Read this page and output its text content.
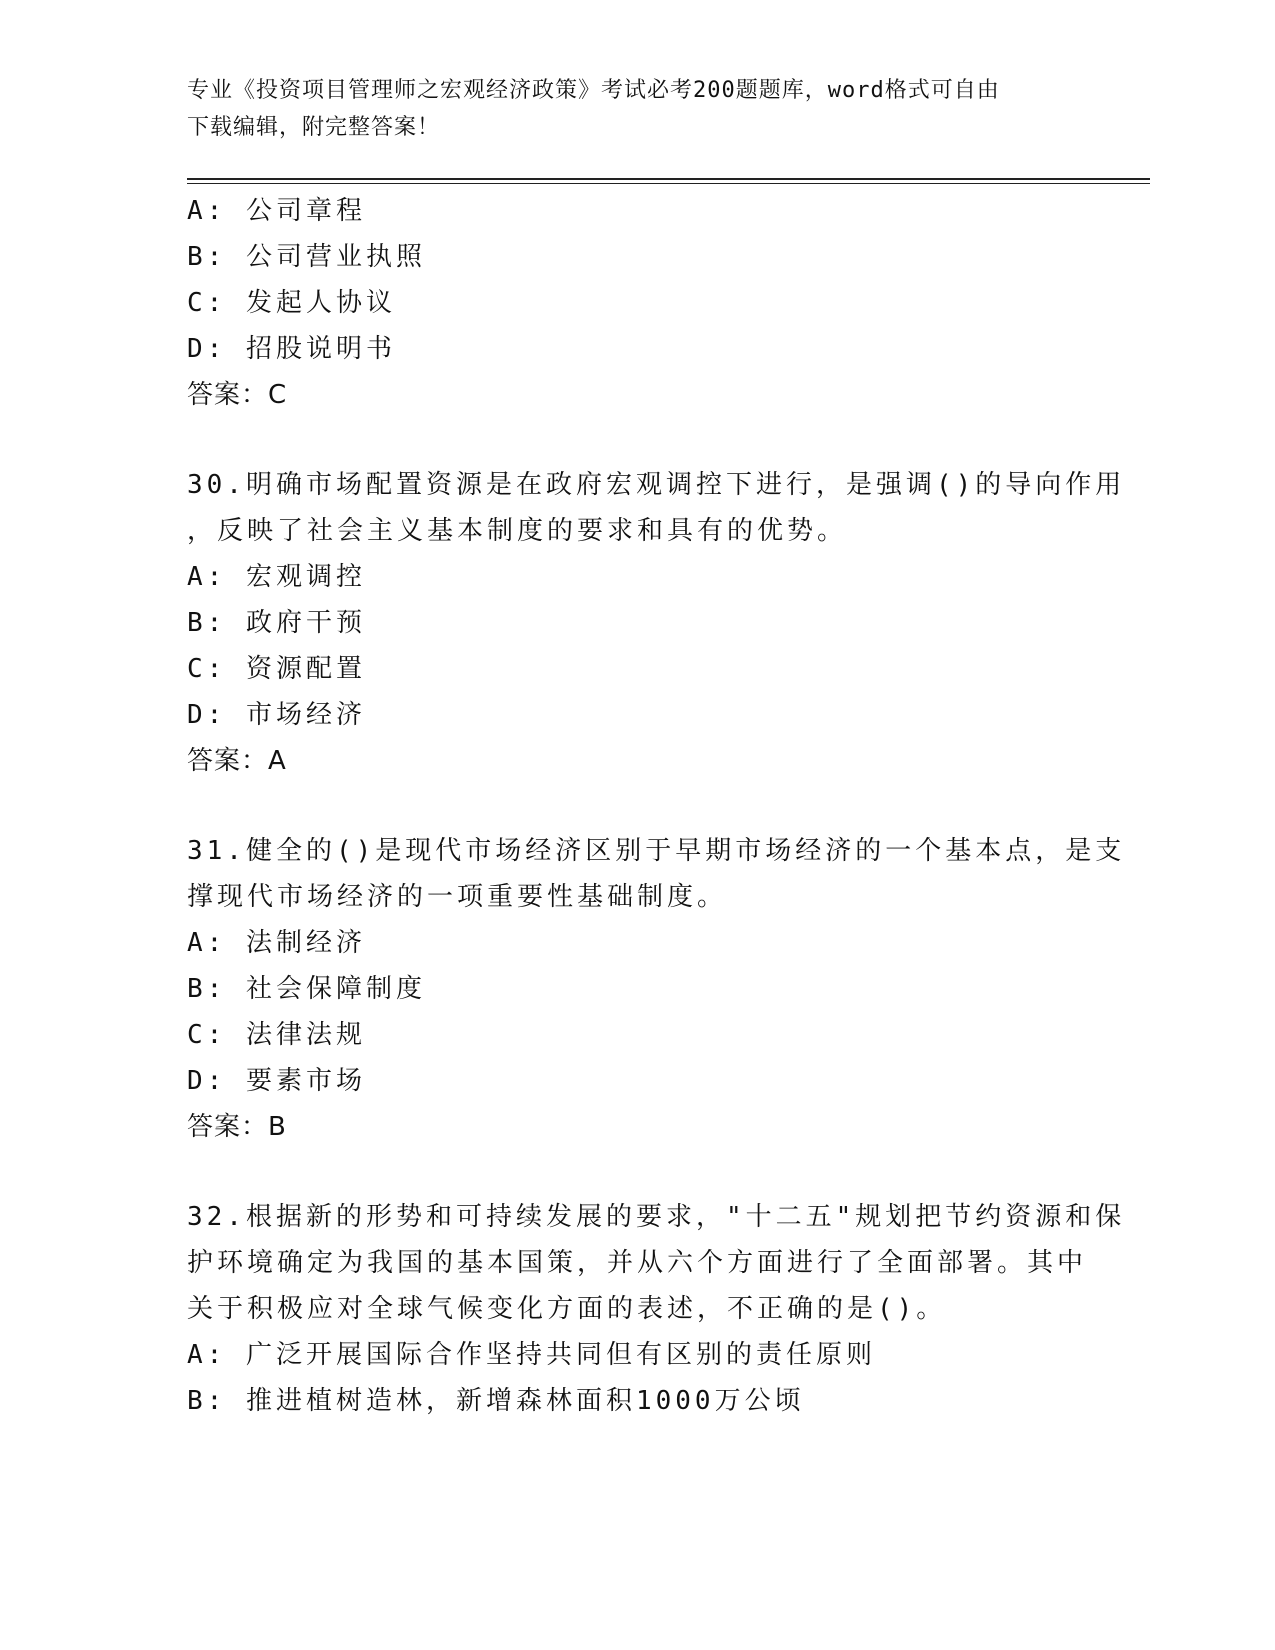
专业《投资项目管理师之宏观经济政策》考试必考200题题库，word格式可自由
下载编辑，附完整答案！
A: 公司章程
B: 公司营业执照
C: 发起人协议
D: 招股说明书
答案：C
30.明确市场配置资源是在政府宏观调控下进行，是强调()的导向作用
，反映了社会主义基本制度的要求和具有的优势。
A: 宏观调控
B: 政府干预
C: 资源配置
D: 市场经济
答案：A
31.健全的()是现代市场经济区别于早期市场经济的一个基本点，是支
撑现代市场经济的一项重要性基础制度。
A: 法制经济
B: 社会保障制度
C: 法律法规
D: 要素市场
答案：B
32.根据新的形势和可持续发展的要求，"十二五"规划把节约资源和保
护环境确定为我国的基本国策，并从六个方面进行了全面部署。其中
关于积极应对全球气候变化方面的表述，不正确的是()。
A: 广泛开展国际合作坚持共同但有区别的责任原则
B: 推进植树造林，新增森林面积1000万公顷
